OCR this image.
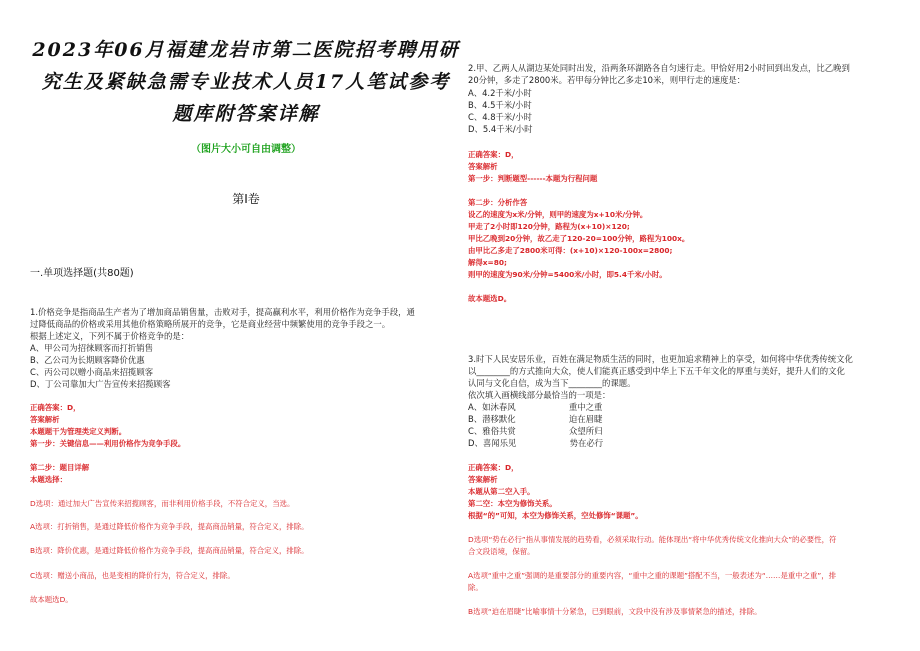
2023年06月福建龙岩市第二医院招考聘用研
究生及紧缺急需专业技术人员17人笔试参考
题库附答案详解
（图片大小可自由调整）
第Ⅰ卷
一.单项选择题(共80题)
1.价格竞争是指商品生产者为了增加商品销售量，击败对手，提高赢利水平，利用价格作为竞争手段，通
过降低商品的价格或采用其他价格策略所展开的竞争，它是商业经营中频繁使用的竞争手段之一。
根据上述定义，下列不属于价格竞争的是：
A、甲公司为招徕顾客而打折销售
B、乙公司为长期顾客降价优惠
C、丙公司以赠小商品来招揽顾客
D、丁公司靠加大广告宣传来招揽顾客
正确答案：D，
答案解析
本题题干为管理类定义判断。
第一步：关键信息——利用价格作为竞争手段。
第二步：题目详解
本题选择：
D选项：通过加大广告宣传来招揽顾客，而非利用价格手段，不符合定义，当选。
A选项：打折销售，是通过降低价格作为竞争手段，提高商品销量，符合定义，排除。
B选项：降价优惠，是通过降低价格作为竞争手段，提高商品销量，符合定义，排除。
C选项：赠送小商品，也是变相的降价行为，符合定义，排除。
故本题选D。
2.甲、乙两人从湖边某处同时出发，沿两条环湖路各自匀速行走。甲恰好用2小时回到出发点，比乙晚到
20分钟，多走了2800米。若甲每分钟比乙多走10米，则甲行走的速度是：
A、4.2千米/小时
B、4.5千米/小时
C、4.8千米/小时
D、5.4千米/小时
正确答案：D，
答案解析
第一步：判断题型------本题为行程问题
第二步：分析作答
设乙的速度为x米/分钟，则甲的速度为x+10米/分钟。
甲走了2小时即120分钟，路程为(x+10)×120;
甲比乙晚到20分钟，故乙走了120-20=100分钟，路程为100x。
由甲比乙多走了2800米可得：(x+10)×120-100x=2800;
解得x=80;
则甲的速度为90米/分钟=5400米/小时，即5.4千米/小时。
故本题选D。
3.时下人民安居乐业，百姓在满足物质生活的同时，也更加追求精神上的享受，如何将中华优秀传统文化
以________的方式推向大众，使人们能真正感受到中华上下五千年文化的厚重与美好，提升人们的文化
认同与文化自信，成为当下________的课题。
依次填入画横线部分最恰当的一项是：
A、如沐春风                    重中之重
B、潜移默化                    迫在眉睫
C、雅俗共赏                    众望所归
D、喜闻乐见                    势在必行
正确答案：D，
答案解析
本题从第二空入手。
第二空：本空为修饰关系。
根据“的”可知，本空为修饰关系，空处修饰“课题”。
D选项“势在必行”指从事情发展的趋势看，必须采取行动。能体现出“将中华优秀传统文化推向大众”的必要性，符
合文段语境，保留。
A选项“重中之重”强调的是重要部分的重要内容，“重中之重的课题”搭配不当，一般表述为“……是重中之重”，排
除。
B选项“迫在眉睫”比喻事情十分紧急，已到眼前，文段中没有涉及事情紧急的描述，排除。
